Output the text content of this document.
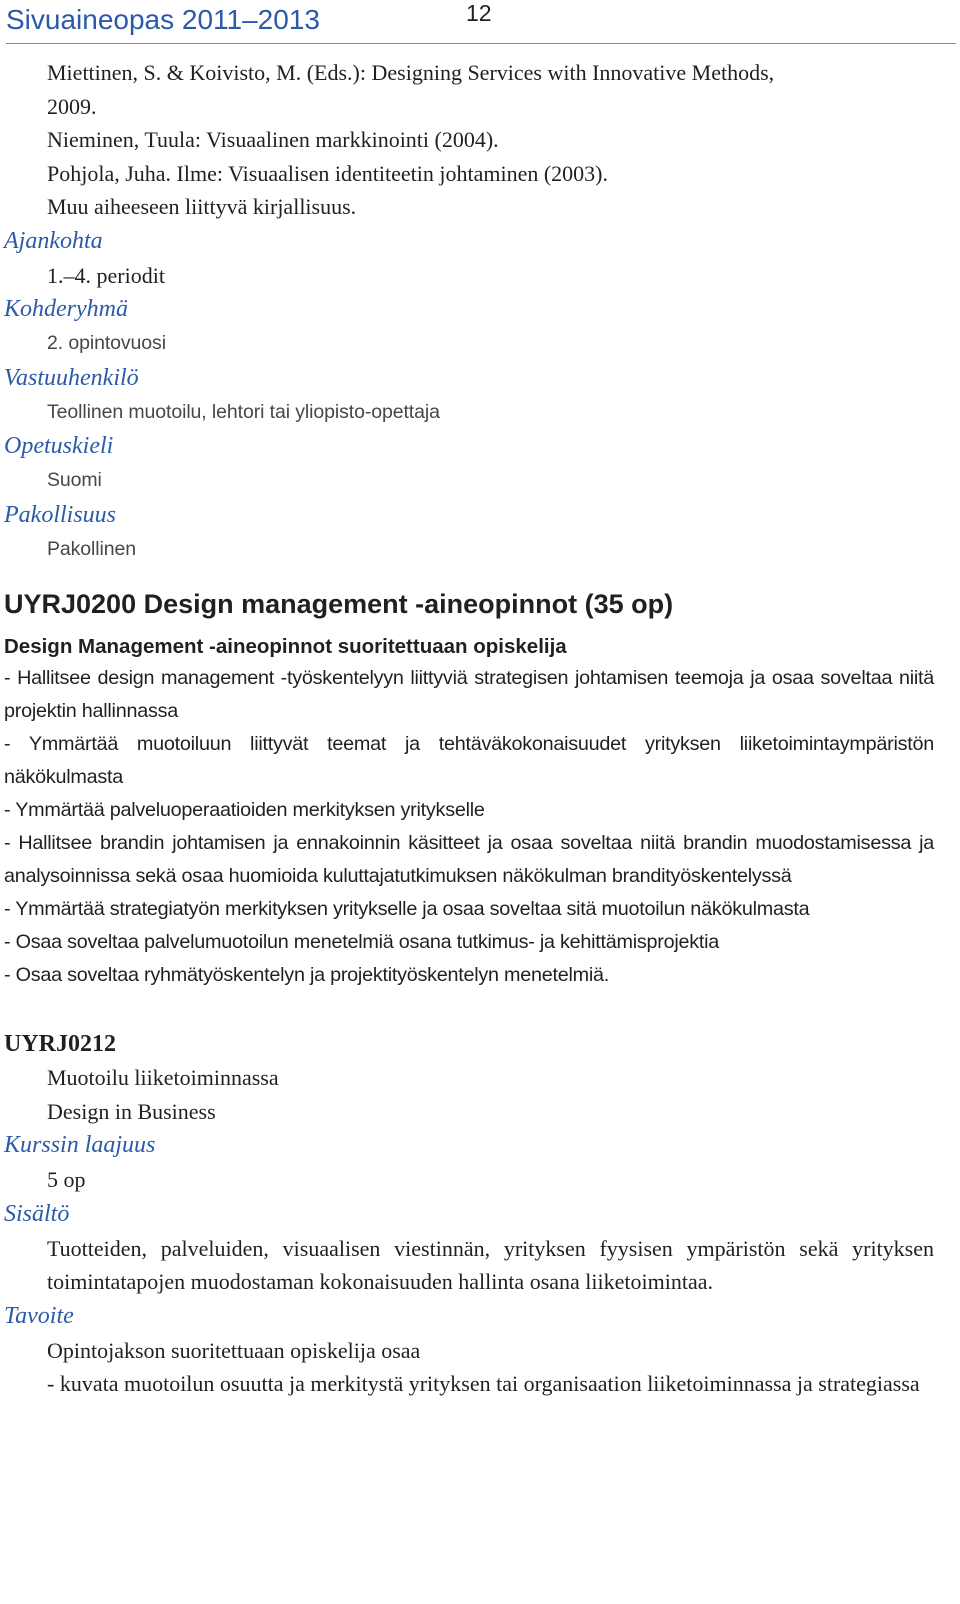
Sivuaineopas 2011–2013	12

Miettinen, S. & Koivisto, M. (Eds.): Designing Services with Innovative Methods,

2009.

Nieminen, Tuula: Visuaalinen markkinointi (2004).

Pohjola, Juha. Ilme: Visuaalisen identiteetin johtaminen (2003).

Muu aiheeseen liittyvä kirjallisuus.

Ajankohta

1.–4. periodit

Kohderyhmä

2. opintovuosi

Vastuuhenkilö

Teollinen muotoilu, lehtori tai yliopisto-opettaja

Opetuskieli

Suomi

Pakollisuus

Pakollinen

UYRJ0200 Design management -aineopinnot (35 op)
Design Management -aineopinnot suoritettuaan opiskelija

- Hallitsee design management -työskentelyyn liittyviä strategisen johtamisen teemoja ja osaa soveltaa niitä projektin hallinnassa

- Ymmärtää muotoiluun liittyvät teemat ja tehtäväkokonaisuudet yrityksen liiketoimintaympäristön näkökulmasta

- Ymmärtää palveluoperaatioiden merkityksen yritykselle

- Hallitsee brandin johtamisen ja ennakoinnin käsitteet ja osaa soveltaa niitä brandin muodostamisessa ja analysoinnissa sekä osaa huomioida kuluttajatutkimuksen näkökulman brandityöskentelyssä

- Ymmärtää strategiatyön merkityksen yritykselle ja osaa soveltaa sitä muotoilun näkökulmasta

- Osaa soveltaa palvelumuotoilun menetelmiä osana tutkimus- ja kehittämisprojektia

- Osaa soveltaa ryhmätyöskentelyn ja projektityöskentelyn menetelmiä.

UYRJ0212

Muotoilu liiketoiminnassa

Design in Business

Kurssin laajuus

5 op

Sisältö

Tuotteiden, palveluiden, visuaalisen viestinnän, yrityksen fyysisen ympäristön sekä yrityksen toimintatapojen muodostaman kokonaisuuden hallinta osana liiketoimintaa.

Tavoite

Opintojakson suoritettuaan opiskelija osaa

- kuvata muotoilun osuutta ja merkitystä yrityksen tai organisaation liiketoiminnassa ja strategiassa
